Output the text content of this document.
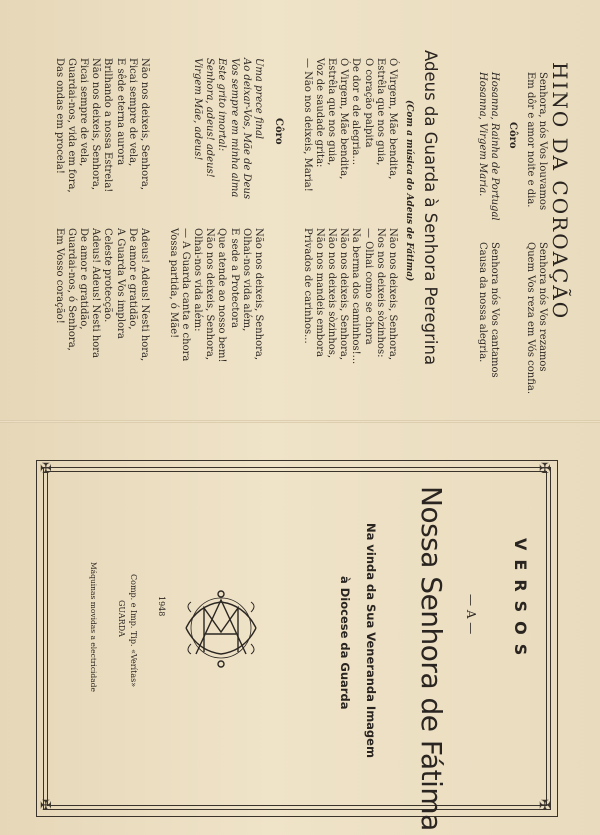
HINO DA COROAÇÃO
Senhora, nós Vos louvamos
Em dôr e amor noite e dia.
Senhora nós Vos rezamos
Quem Vos reza em Vós confia.
Côro
Hosanna, Rainha de Portugal
Hosanna, Virgem Maria.
Senhora nós Vos cantamos
Causa da nossa alegria.
Adeus da Guarda à Senhora Peregrina
(Com a música do Adeus de Fátima)
Ó Virgem, Mãe bendita,
Estrêla que nos guia,
O coração palpita
De dor e de alegria...
Ó Virgem, Mãe bendita,
Estrêla que nos guia,
Voz de saudade grita:
— Não nos deixeis, Maria!
Não nos deixeis, Senhora,
Nos nos deixeis sòzinhos:
— Olhai como se chora
Na berma dos caminhos!...
Não nos deixeis, Senhora,
Não nos deixeis sòzinhos,
Não nos mandeis embora
Privados de carinhos...
Côro
Uma prece final
Ao deixar-Vos, Mãe de Deus
Vos sempre em minha alma
Este grito imortal:
Senhora, adeus! adeus!
Virgem Mãe, adeus!
Não nos deixeis, Senhora,
Olhai-nos vida além,
E sede a Protectora
Que atende ao nosso bem!
Não nos deixeis, Senhora,
Olhai-nos vida além:
— A Guarda canta e chora
Vossa partida, ó Mãe!
Não nos deixeis, Senhora,
Ficai sempre de vela,
E sêde eterna aurora
Brilhando a nossa Estrela!
Não nos deixeis, Senhora,
Ficai sempre de vela,
Guardai-nos, vida em fora,
Das ondas em procela!
Adeus! Adeus! Nesti hora,
De amor e gratidão,
A Guarda Vos implora
Celeste protecção.
Adeus! Adeus! Nesti hora
De amor e gratidão,
Guardai-nos, ó Senhora,
Em Vosso coração!
✠	✠
✠	✠
VERSOS
— A —
Nossa Senhora de Fátima
Na vinda da Sua Veneranda Imagem
à Diocese da Guarda
1948
Comp. e Imp. Tip. «Verítas»
GUARDA
Máquinas movidas a electricidade
